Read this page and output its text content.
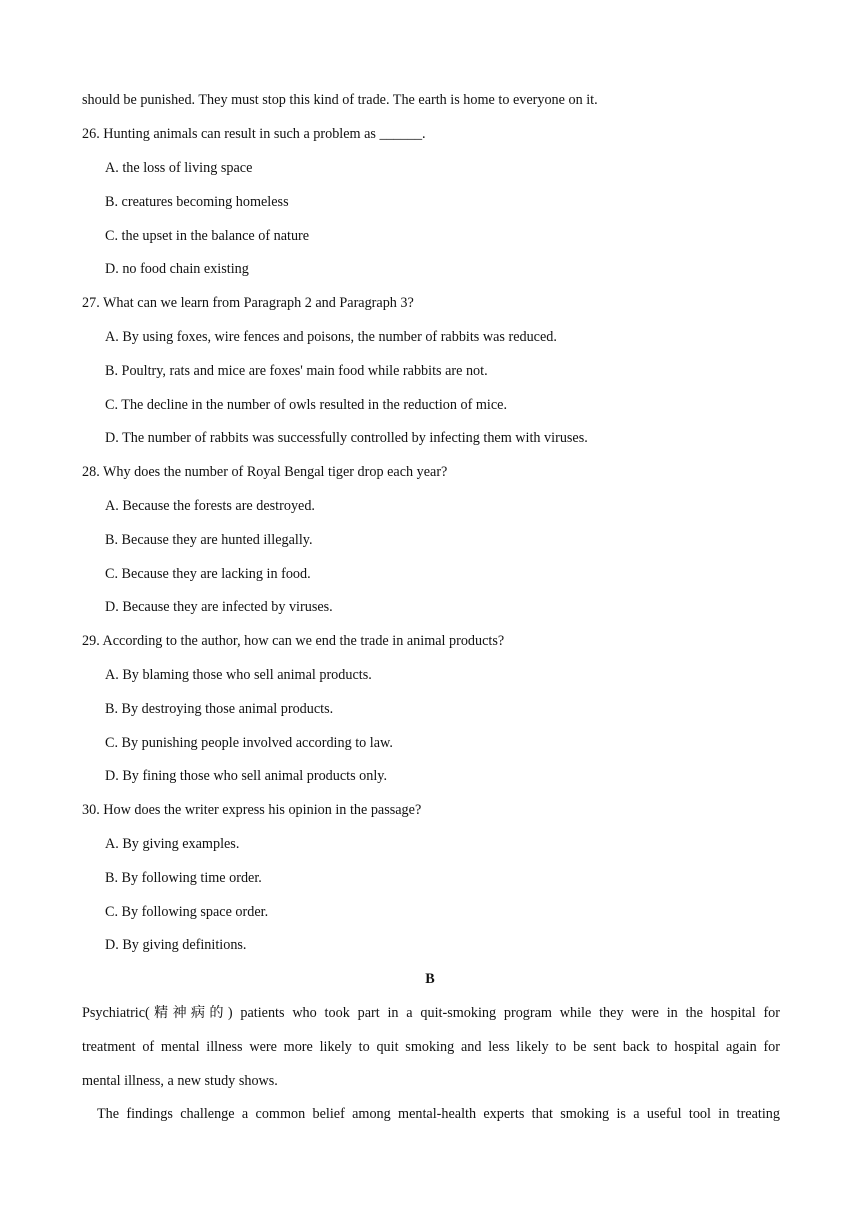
should be punished. They must stop this kind of trade. The earth is home to everyone on it.
26. Hunting animals can result in such a problem as ______.
A. the loss of living space
B. creatures becoming homeless
C. the upset in the balance of nature
D. no food chain existing
27. What can we learn from Paragraph 2 and Paragraph 3?
A. By using foxes, wire fences and poisons, the number of rabbits was reduced.
B. Poultry, rats and mice are foxes' main food while rabbits are not.
C. The decline in the number of owls resulted in the reduction of mice.
D. The number of rabbits was successfully controlled by infecting them with viruses.
28. Why does the number of Royal Bengal tiger drop each year?
A. Because the forests are destroyed.
B. Because they are hunted illegally.
C. Because they are lacking in food.
D. Because they are infected by viruses.
29. According to the author, how can we end the trade in animal products?
A. By blaming those who sell animal products.
B. By destroying those animal products.
C. By punishing people involved according to law.
D. By fining those who sell animal products only.
30. How does the writer express his opinion in the passage?
A. By giving examples.
B. By following time order.
C. By following space order.
D. By giving definitions.
B
Psychiatric(精神病的) patients who took part in a quit-smoking program while they were in the hospital for
treatment of mental illness were more likely to quit smoking and less likely to be sent back to hospital again for
mental illness, a new study shows.
The findings challenge a common belief among mental-health experts that smoking is a useful tool in treating
